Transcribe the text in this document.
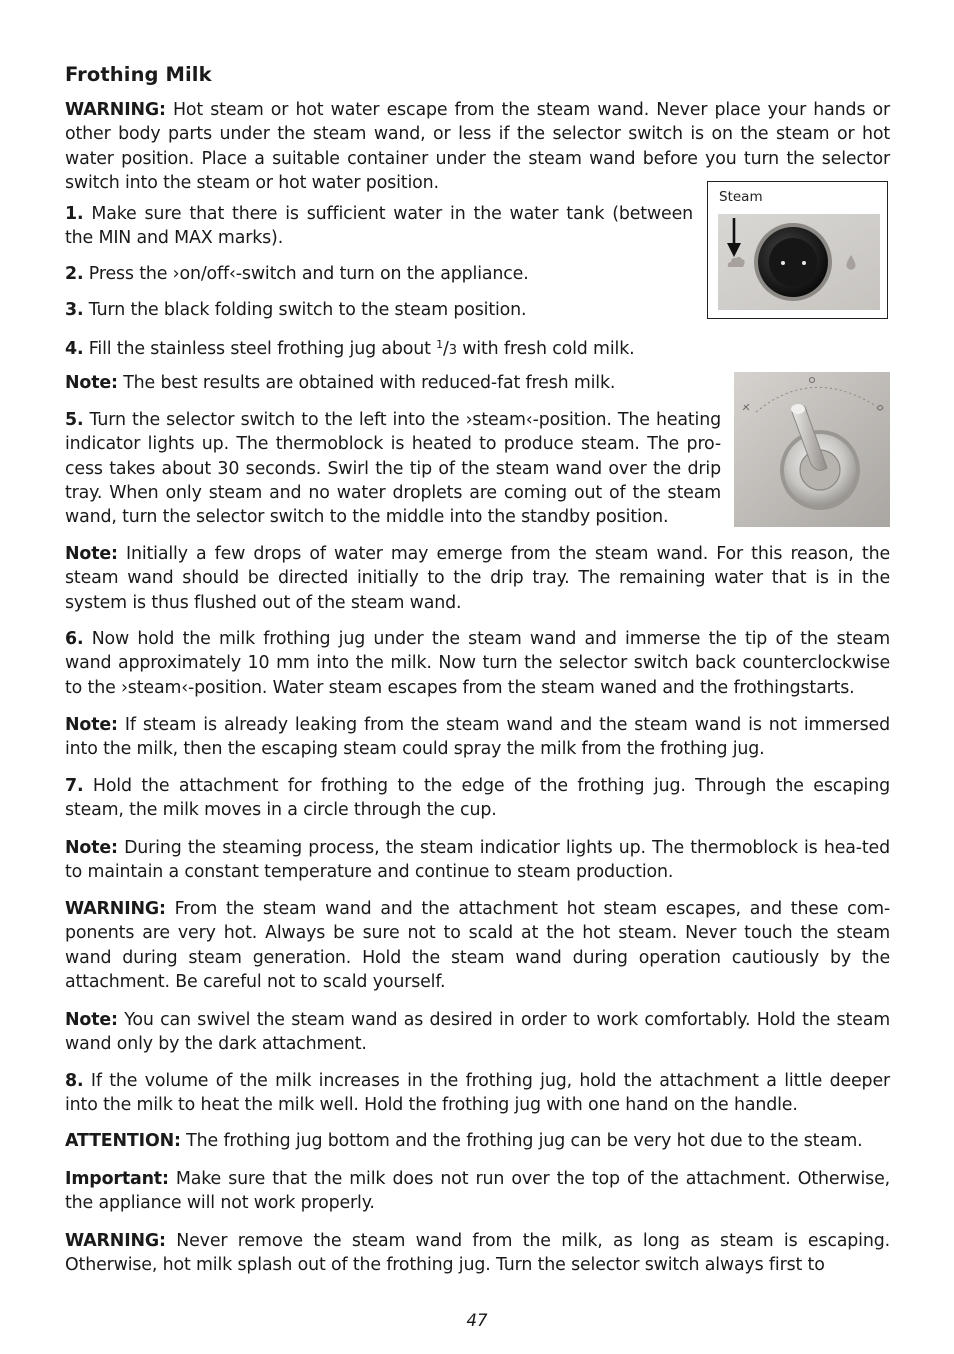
Frothing Milk

WARNING: Hot steam or hot water escape from the steam wand. Never place your hands or other body parts under the steam wand, or less if the selector switch is on the steam or hot water position. Place a suitable container under the steam wand before you turn the selector switch into the steam or hot water position.

1. Make sure that there is sufficient water in the water tank (between the MIN and MAX marks).

2. Press the ›on/off‹-switch and turn on the appliance.

3. Turn the black folding switch to the steam position.

4. Fill the stainless steel frothing jug about $^1$/3 with fresh cold milk.

Note: The best results are obtained with reduced-fat fresh milk.

5. Turn the selector switch to the left into the ›steam‹-position. The heating indicator lights up. The thermoblock is heated to produce steam. The pro-cess takes about 30 seconds. Swirl the tip of the steam wand over the drip tray. When only steam and no water droplets are coming out of the steam wand, turn the selector switch to the middle into the standby position.

Note: Initially a few drops of water may emerge from the steam wand. For this reason, the steam wand should be directed initially to the drip tray. The remaining water that is in the system is thus flushed out of the steam wand.

6. Now hold the milk frothing jug under the steam wand and immerse the tip of the steam wand approximately 10 mm into the milk. Now turn the selector switch back counterclockwise to the ›steam‹-position. Water steam escapes from the steam waned and the frothingstarts.

Note: If steam is already leaking from the steam wand and the steam wand is not immersed into the milk, then the escaping steam could spray the milk from the frothing jug.

7. Hold the attachment for frothing to the edge of the frothing jug. Through the escaping steam, the milk moves in a circle through the cup.

Note: During the steaming process, the steam indicatior lights up. The thermoblock is hea-ted to maintain a constant temperature and continue to steam production.

WARNING: From the steam wand and the attachment hot steam escapes, and these com-ponents are very hot. Always be sure not to scald at the hot steam. Never touch the steam wand during steam generation. Hold the steam wand during operation cautiously by the attachment. Be careful not to scald yourself.

Note: You can swivel the steam wand as desired in order to work comfortably. Hold the steam wand only by the dark attachment.

8. If the volume of the milk increases in the frothing jug, hold the attachment a little deeper into the milk to heat the milk well. Hold the frothing jug with one hand on the handle.

ATTENTION: The frothing jug bottom and the frothing jug can be very hot due to the steam.

Important: Make sure that the milk does not run over the top of the attachment. Otherwise, the appliance will not work properly.

WARNING: Never remove the steam wand from the milk, as long as steam is escaping. Otherwise, hot milk splash out of the frothing jug. Turn the selector switch always first to

Steam
47
